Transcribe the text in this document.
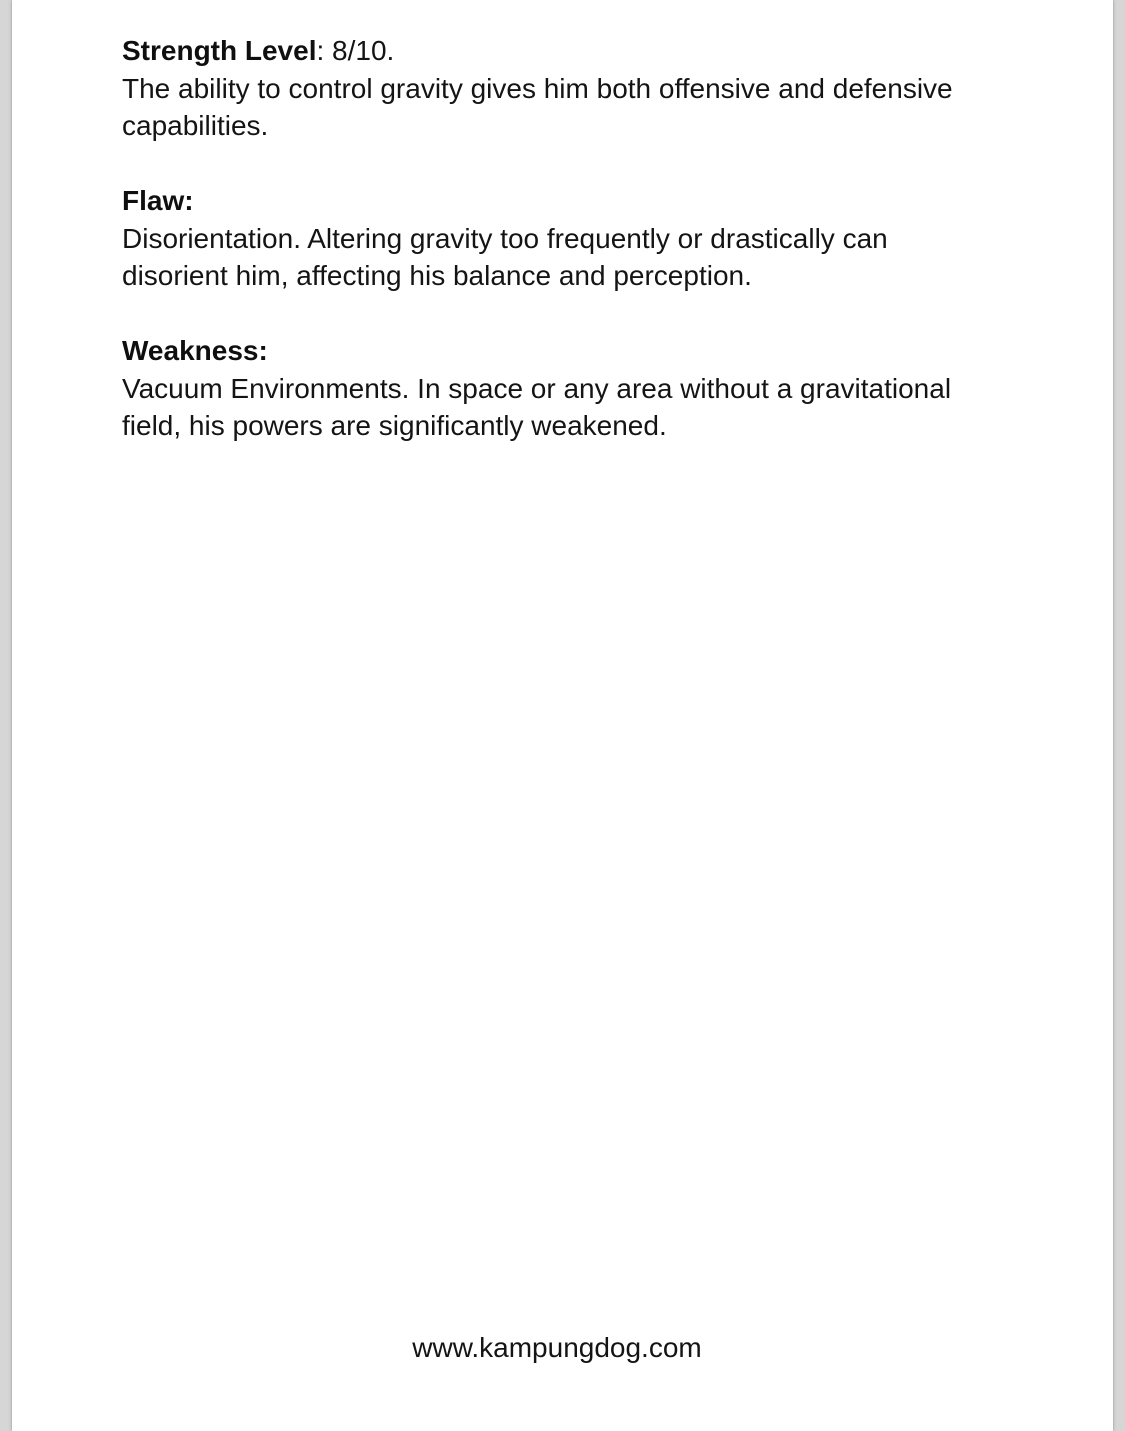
Strength Level: 8/10.

The ability to control gravity gives him both offensive and defensive capabilities.

Flaw:

Disorientation. Altering gravity too frequently or drastically can disorient him, affecting his balance and perception.

Weakness:

Vacuum Environments. In space or any area without a gravitational field, his powers are significantly weakened.

www.kampungdog.com
